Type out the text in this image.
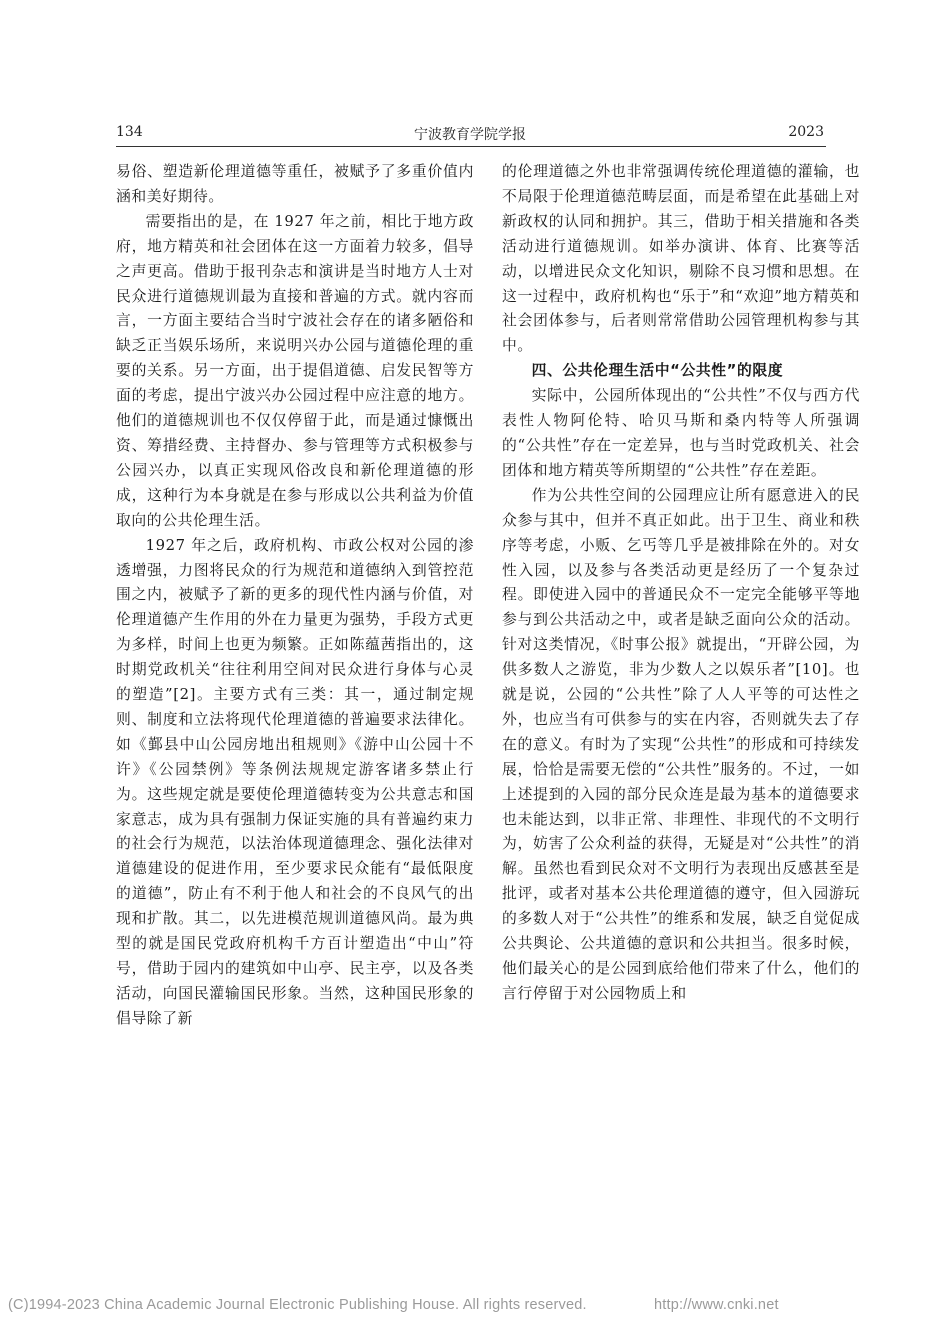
134	宁波教育学院学报	2023

易俗、塑造新伦理道德等重任，被赋予了多重价值内涵和美好期待。

需要指出的是，在 1927 年之前，相比于地方政府，地方精英和社会团体在这一方面着力较多，倡导之声更高。借助于报刊杂志和演讲是当时地方人士对民众进行道德规训最为直接和普遍的方式。就内容而言，一方面主要结合当时宁波社会存在的诸多陋俗和缺乏正当娱乐场所，来说明兴办公园与道德伦理的重要的关系。另一方面，出于提倡道德、启发民智等方面的考虑，提出宁波兴办公园过程中应注意的地方。他们的道德规训也不仅仅停留于此，而是通过慷慨出资、筹措经费、主持督办、参与管理等方式积极参与公园兴办，以真正实现风俗改良和新伦理道德的形成，这种行为本身就是在参与形成以公共利益为价值取向的公共伦理生活。

1927 年之后，政府机构、市政公权对公园的渗透增强，力图将民众的行为规范和道德纳入到管控范围之内，被赋予了新的更多的现代性内涵与价值，对伦理道德产生作用的外在力量更为强势，手段方式更为多样，时间上也更为频繁。正如陈蕴茜指出的，这时期党政机关“往往利用空间对民众进行身体与心灵的塑造”[2]。主要方式有三类：其一，通过制定规则、制度和立法将现代伦理道德的普遍要求法律化。如《鄞县中山公园房地出租规则》《游中山公园十不许》《公园禁例》等条例法规规定游客诸多禁止行为。这些规定就是要使伦理道德转变为公共意志和国家意志，成为具有强制力保证实施的具有普遍约束力的社会行为规范，以法治体现道德理念、强化法律对道德建设的促进作用，至少要求民众能有“最低限度的道德”，防止有不利于他人和社会的不良风气的出现和扩散。其二，以先进模范规训道德风尚。最为典型的就是国民党政府机构千方百计塑造出“中山”符号，借助于园内的建筑如中山亭、民主亭，以及各类活动，向国民灌输国民形象。当然，这种国民形象的倡导除了新

的伦理道德之外也非常强调传统伦理道德的灌输，也不局限于伦理道德范畴层面，而是希望在此基础上对新政权的认同和拥护。其三，借助于相关措施和各类活动进行道德规训。如举办演讲、体育、比赛等活动，以增进民众文化知识，剔除不良习惯和思想。在这一过程中，政府机构也“乐于”和“欢迎”地方精英和社会团体参与，后者则常常借助公园管理机构参与其中。

四、公共伦理生活中“公共性”的限度

实际中，公园所体现出的“公共性”不仅与西方代表性人物阿伦特、哈贝马斯和桑内特等人所强调的“公共性”存在一定差异，也与当时党政机关、社会团体和地方精英等所期望的“公共性”存在差距。

作为公共性空间的公园理应让所有愿意进入的民众参与其中，但并不真正如此。出于卫生、商业和秩序等考虑，小贩、乞丐等几乎是被排除在外的。对女性入园，以及参与各类活动更是经历了一个复杂过程。即使进入园中的普通民众不一定完全能够平等地参与到公共活动之中，或者是缺乏面向公众的活动。针对这类情况，《时事公报》就提出，“开辟公园，为供多数人之游览，非为少数人之以娱乐者”[10]。也就是说，公园的“公共性”除了人人平等的可达性之外，也应当有可供参与的实在内容，否则就失去了存在的意义。有时为了实现“公共性”的形成和可持续发展，恰恰是需要无偿的“公共性”服务的。不过，一如上述提到的入园的部分民众连是最为基本的道德要求也未能达到，以非正常、非理性、非现代的不文明行为，妨害了公众利益的获得，无疑是对“公共性”的消解。虽然也看到民众对不文明行为表现出反感甚至是批评，或者对基本公共伦理道德的遵守，但入园游玩的多数人对于“公共性”的维系和发展，缺乏自觉促成公共舆论、公共道德的意识和公共担当。很多时候，他们最关心的是公园到底给他们带来了什么，他们的言行停留于对公园物质上和

(C)1994-2023 China Academic Journal Electronic Publishing House. All rights reserved.	http://www.cnki.net
